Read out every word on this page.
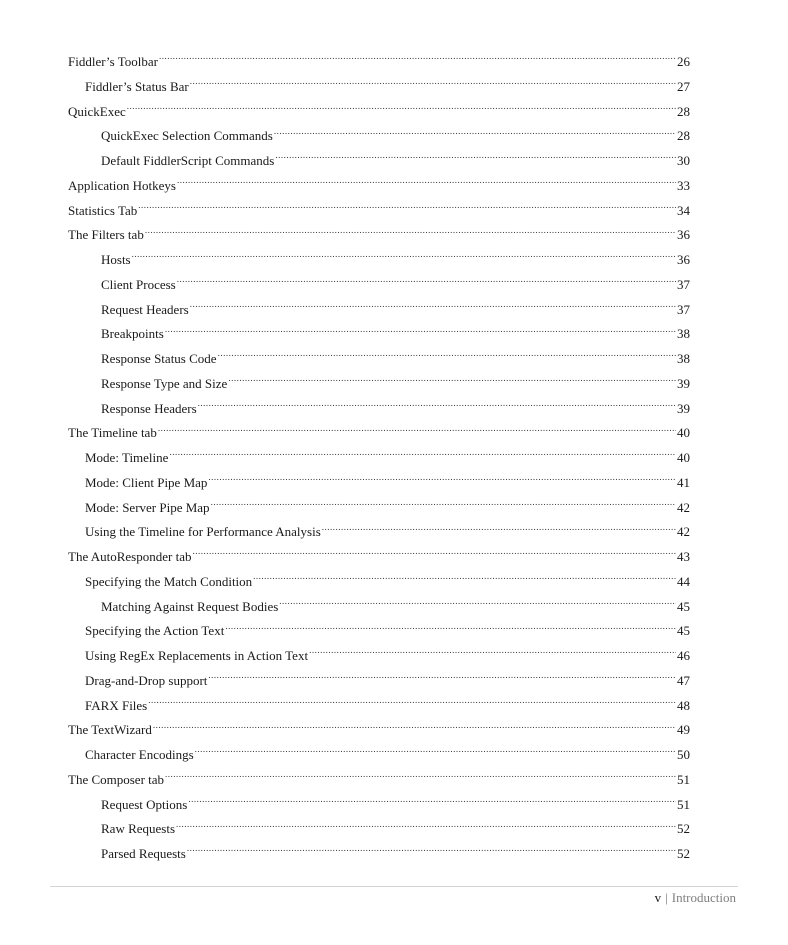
Fiddler’s Toolbar .....	26
Fiddler’s Status Bar .....	27
QuickExec .....	28
QuickExec Selection Commands .....	28
Default FiddlerScript Commands .....	30
Application Hotkeys .....	33
Statistics Tab .....	34
The Filters tab .....	36
Hosts .....	36
Client Process .....	37
Request Headers .....	37
Breakpoints .....	38
Response Status Code .....	38
Response Type and Size .....	39
Response Headers .....	39
The Timeline tab .....	40
Mode: Timeline .....	40
Mode: Client Pipe Map .....	41
Mode: Server Pipe Map .....	42
Using the Timeline for Performance Analysis .....	42
The AutoResponder tab .....	43
Specifying the Match Condition .....	44
Matching Against Request Bodies .....	45
Specifying the Action Text .....	45
Using RegEx Replacements in Action Text .....	46
Drag-and-Drop support .....	47
FARX Files .....	48
The TextWizard .....	49
Character Encodings .....	50
The Composer tab .....	51
Request Options .....	51
Raw Requests .....	52
Parsed Requests .....	52
v | Introduction
